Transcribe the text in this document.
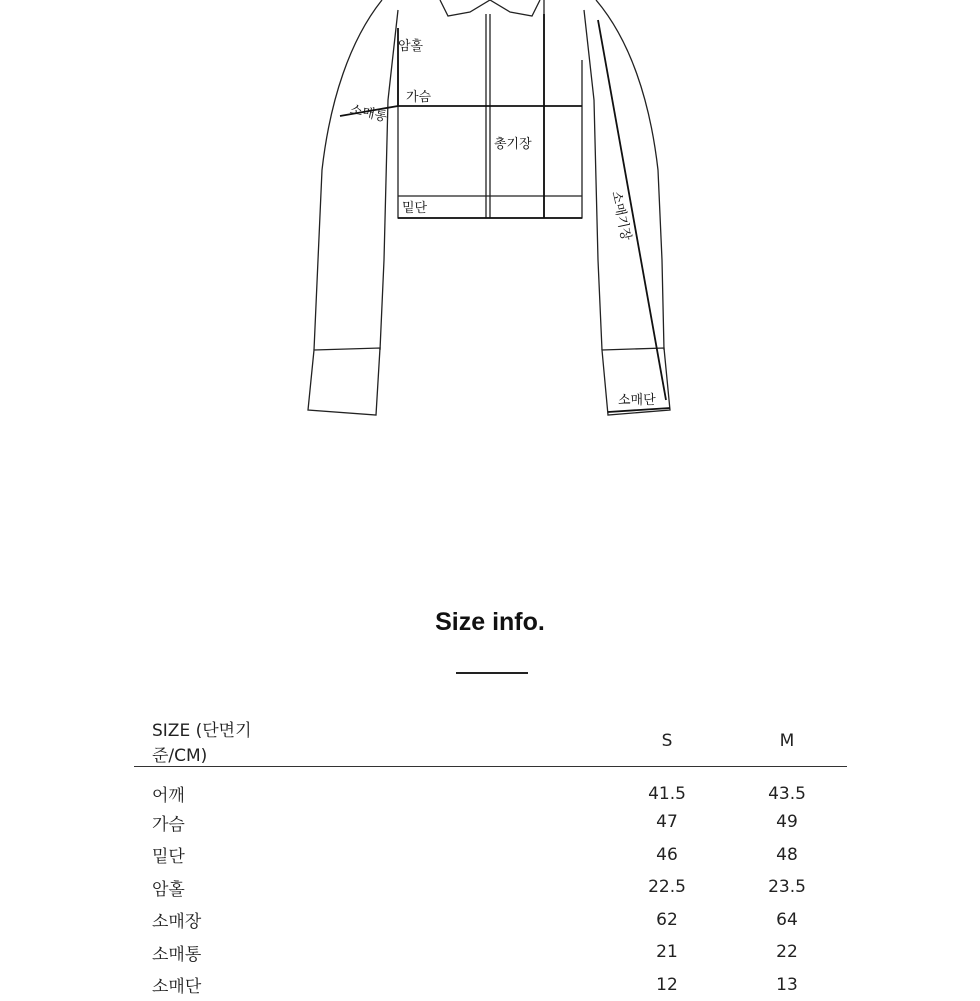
암홀
가슴
소매통
총기장
밑단	소매기장
소매단
Size info.
SIZE (단면기준/CM)		S	M
어깨		41.5	43.5
가슴		47	49
밑단		46	48
암홀		22.5	23.5
소매장		62	64
소매통		21	22
소매단		12	13
